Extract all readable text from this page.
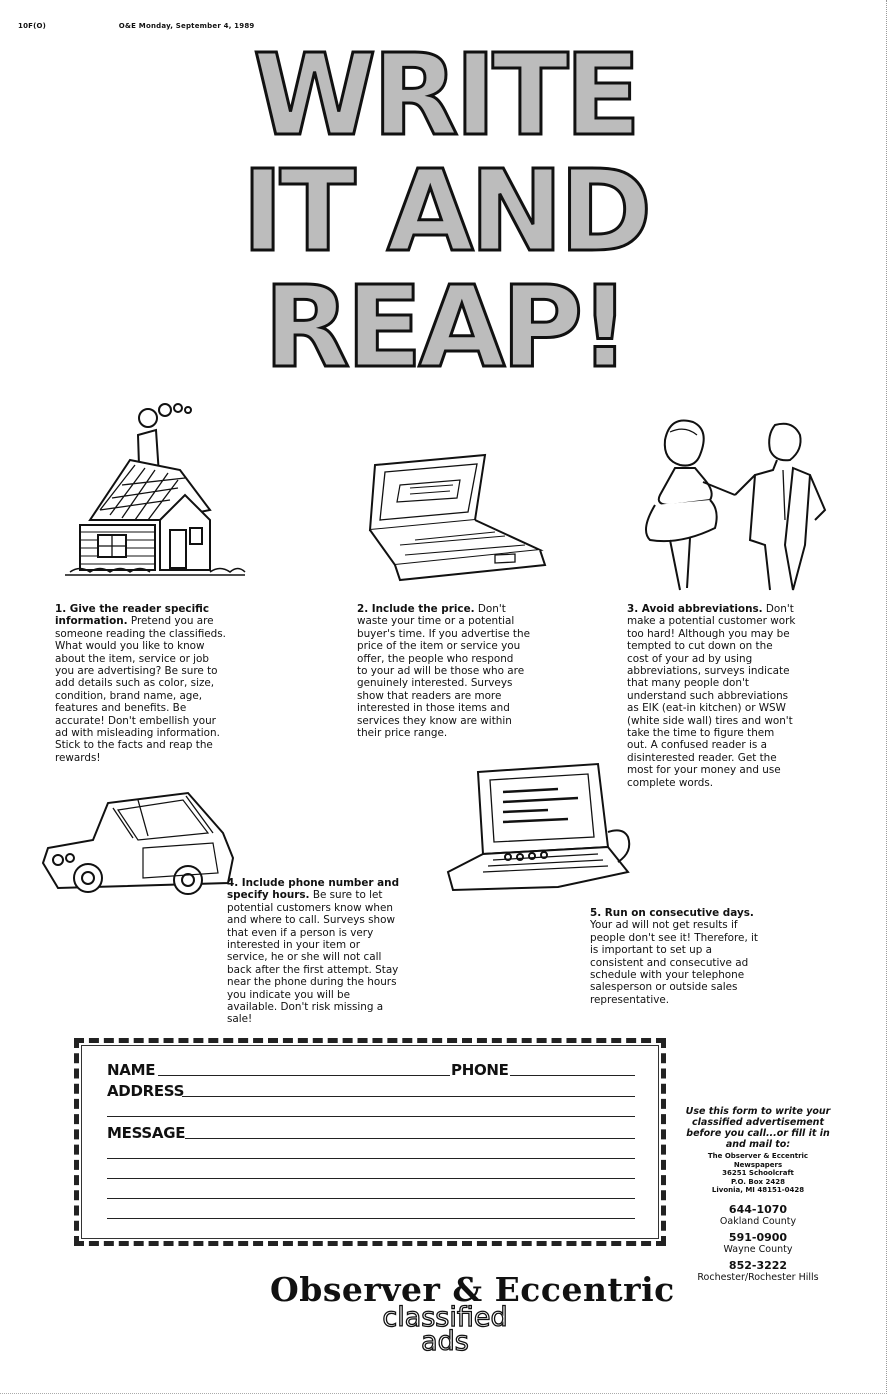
10F(O)	O&E Monday, September 4, 1989
WRITE
IT AND
REAP!
1. Give the reader specific information. Pretend you are
someone reading the classifieds.
What would you like to know
about the item, service or job
you are advertising? Be sure to
add details such as color, size,
condition, brand name, age,
features and benefits. Be
accurate! Don't embellish your
ad with misleading information.
Stick to the facts and reap the
rewards!
2. Include the price. Don't
waste your time or a potential
buyer's time. If you advertise the
price of the item or service you
offer, the people who respond
to your ad will be those who are
genuinely interested. Surveys
show that readers are more
interested in those items and
services they know are within
their price range.
3. Avoid abbreviations. Don't
make a potential customer work
too hard! Although you may be
tempted to cut down on the
cost of your ad by using
abbreviations, surveys indicate
that many people don't
understand such abbreviations
as EIK (eat-in kitchen) or WSW
(white side wall) tires and won't
take the time to figure them
out. A confused reader is a
disinterested reader. Get the
most for your money and use
complete words.
4. Include phone number and specify hours. Be sure to let
potential customers know when
and where to call. Surveys show
that even if a person is very
interested in your item or
service, he or she will not call
back after the first attempt. Stay
near the phone during the hours
you indicate you will be
available. Don't risk missing a
sale!
5. Run on consecutive days.
Your ad will not get results if
people don't see it! Therefore, it
is important to set up a
consistent and consecutive ad
schedule with your telephone
salesperson or outside sales
representative.
NAME	PHONE
ADDRESS
MESSAGE
Use this form to write your
classified advertisement
before you call...or fill it in
and mail to:
The Observer & Eccentric
Newspapers
36251 Schoolcraft
P.O. Box 2428
Livonia, MI 48151-0428
644-1070
Oakland County
591-0900
Wayne County
852-3222
Rochester/Rochester Hills
Observer & Eccentric
classified
ads
